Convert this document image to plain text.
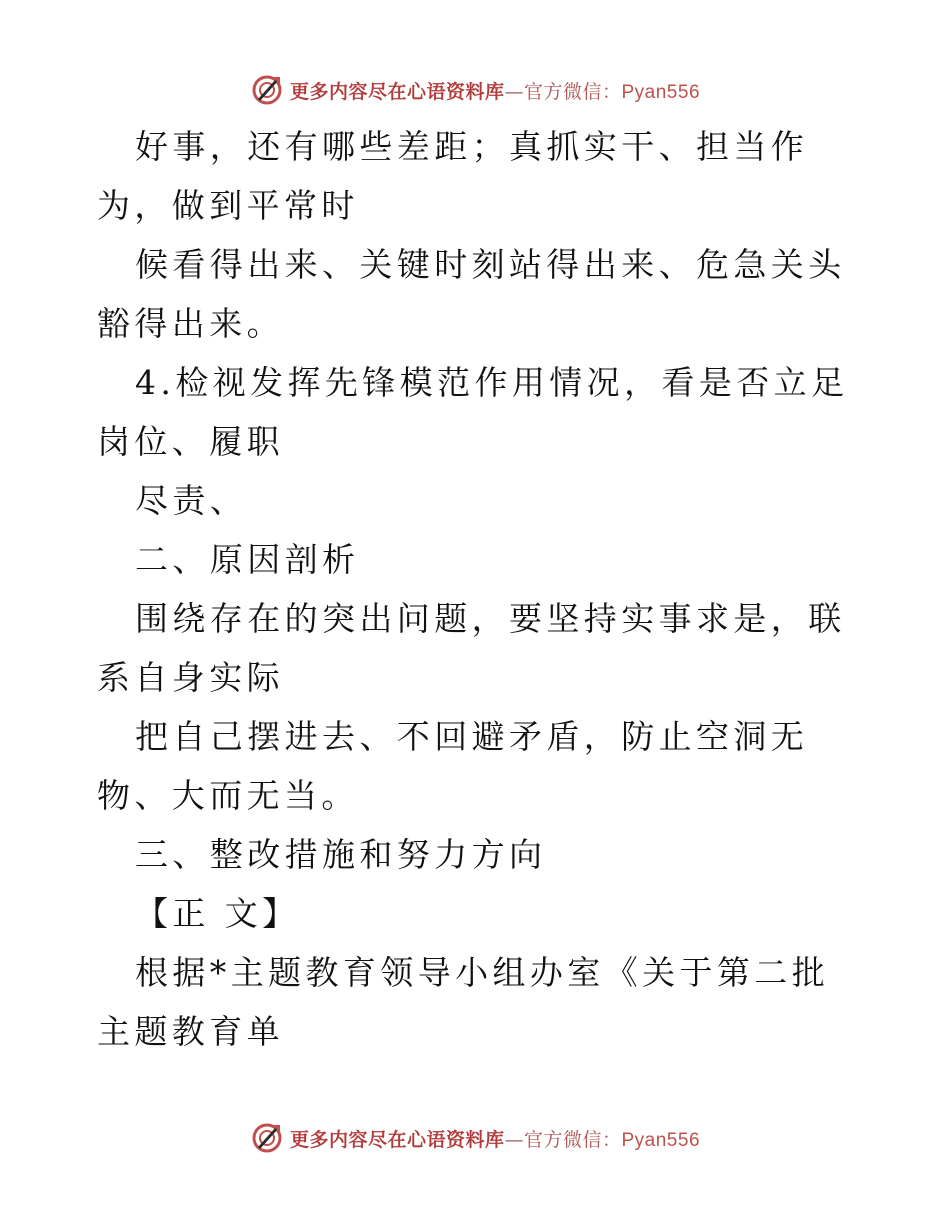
更多内容尽在心语资料库—官方微信：Pyan556

好事，还有哪些差距；真抓实干、担当作为，做到平常时

候看得出来、关键时刻站得出来、危急关头豁得出来。

4.检视发挥先锋模范作用情况，看是否立足岗位、履职

尽责、

二、原因剖析

围绕存在的突出问题，要坚持实事求是，联系自身实际

把自己摆进去、不回避矛盾，防止空洞无物、大而无当。

三、整改措施和努力方向

【正 文】

根据*主题教育领导小组办室《关于第二批主题教育单

更多内容尽在心语资料库—官方微信：Pyan556
